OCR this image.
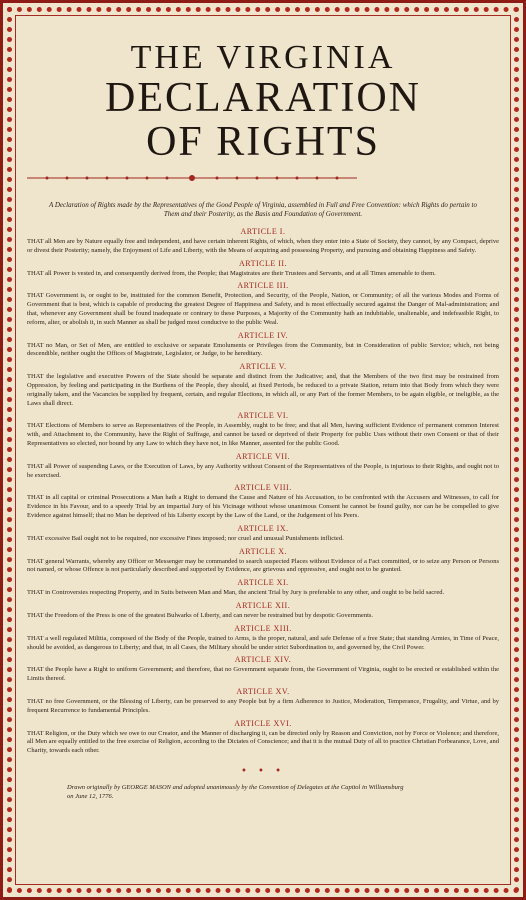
THE VIRGINIA
DECLARATION
OF RIGHTS
A Declaration of Rights made by the Representatives of the Good People of Virginia, assembled in Full and Free Convention: which Rights do pertain to Them and their Posterity, as the Basis and Foundation of Government.
ARTICLE I.
THAT all Men are by Nature equally free and independent, and have certain inherent Rights, of which, when they enter into a State of Society, they cannot, by any Compact, deprive or divest their Posterity; namely, the Enjoyment of Life and Liberty, with the Means of acquiring and possessing Property, and pursuing and obtaining Happiness and Safety.
ARTICLE II.
THAT all Power is vested in, and consequently derived from, the People; that Magistrates are their Trustees and Servants, and at all Times amenable to them.
ARTICLE III.
THAT Government is, or ought to be, instituted for the common Benefit, Protection, and Security, of the People, Nation, or Community; of all the various Modes and Forms of Government that is best, which is capable of producing the greatest Degree of Happiness and Safety, and is most effectually secured against the Danger of Mal-administration; and that, whenever any Government shall be found inadequate or contrary to these Purposes, a Majority of the Community hath an indubitable, unalienable, and indefeasible Right, to reform, alter, or abolish it, in such Manner as shall be judged most conducive to the public Weal.
ARTICLE IV.
THAT no Man, or Set of Men, are entitled to exclusive or separate Emoluments or Privileges from the Community, but in Consideration of public Service; which, not being descendible, neither ought the Offices of Magistrate, Legislator, or Judge, to be hereditary.
ARTICLE V.
THAT the legislative and executive Powers of the State should be separate and distinct from the Judicative; and, that the Members of the two first may be restrained from Oppression, by feeling and participating in the Burthens of the People, they should, at fixed Periods, be reduced to a private Station, return into that Body from which they were originally taken, and the Vacancies be supplied by frequent, certain, and regular Elections, in which all, or any Part of the former Members, to be again eligible, or ineligible, as the Laws shall direct.
ARTICLE VI.
THAT Elections of Members to serve as Representatives of the People, in Assembly, ought to be free; and that all Men, having sufficient Evidence of permanent common Interest with, and Attachment to, the Community, have the Right of Suffrage, and cannot be taxed or deprived of their Property for public Uses without their own Consent or that of their Representatives so elected, nor bound by any Law to which they have not, in like Manner, assented for the public Good.
ARTICLE VII.
THAT all Power of suspending Laws, or the Execution of Laws, by any Authority without Consent of the Representatives of the People, is injurious to their Rights, and ought not to be exercised.
ARTICLE VIII.
THAT in all capital or criminal Prosecutions a Man hath a Right to demand the Cause and Nature of his Accusation, to be confronted with the Accusers and Witnesses, to call for Evidence in his Favour, and to a speedy Trial by an impartial Jury of his Vicinage without whose unanimous Consent he cannot be found guilty, nor can he be compelled to give Evidence against himself; that no Man be deprived of his Liberty except by the Law of the Land, or the Judgement of his Peers.
ARTICLE IX.
THAT excessive Bail ought not to be required, nor excessive Fines imposed; nor cruel and unusual Punishments inflicted.
ARTICLE X.
THAT general Warrants, whereby any Officer or Messenger may be commanded to search suspected Places without Evidence of a Fact committed, or to seize any Person or Persons not named, or whose Offence is not particularly described and supported by Evidence, are grievous and oppressive, and ought not to be granted.
ARTICLE XI.
THAT in Controversies respecting Property, and in Suits between Man and Man, the ancient Trial by Jury is preferable to any other, and ought to be held sacred.
ARTICLE XII.
THAT the Freedom of the Press is one of the greatest Bulwarks of Liberty, and can never be restrained but by despotic Governments.
ARTICLE XIII.
THAT a well regulated Militia, composed of the Body of the People, trained to Arms, is the proper, natural, and safe Defense of a free State; that standing Armies, in Time of Peace, should be avoided, as dangerous to Liberty; and that, in all Cases, the Military should be under strict Subordination to, and governed by, the Civil Power.
ARTICLE XIV.
THAT the People have a Right to uniform Government; and therefore, that no Government separate from, the Government of Virginia, ought to be erected or established within the Limits thereof.
ARTICLE XV.
THAT no free Government, or the Blessing of Liberty, can be preserved to any People but by a firm Adherence to Justice, Moderation, Temperance, Frugality, and Virtue, and by frequent Recurrence to fundamental Principles.
ARTICLE XVI.
THAT Religion, or the Duty which we owe to our Creator, and the Manner of discharging it, can be directed only by Reason and Conviction, not by Force or Violence; and therefore, all Men are equally entitled to the free exercise of Religion, according to the Dictates of Conscience; and that it is the mutual Duty of all to practice Christian Forbearance, Love, and Charity, towards each other.
• • •
Drawn originally by GEORGE MASON and adopted unanimously by the Convention of Delegates at the Capitol in Williamsburg
on June 12, 1776.
